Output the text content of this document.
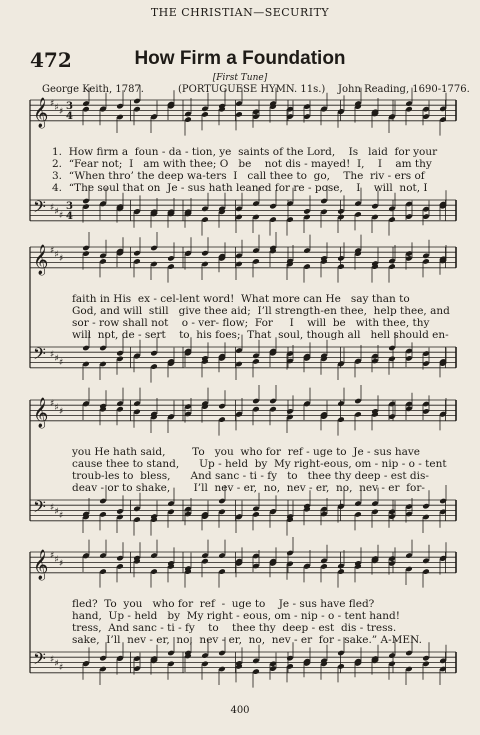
THE CHRISTIAN—SECURITY
472	How Firm a Foundation
[First Tune]
George Keith, 1787.	(PORTUGUESE HYMN. 11s.) John Reading, 1690-1776.
𝄞
𝄢
♯
♯
♯
♯
♯
♯
3
4
3
4
𝄞
𝄢
♯
♯
♯
♯
♯
♯
𝄞
𝄢
♯
♯
♯
♯
♯
♯
𝄞
𝄢
♯
♯
♯
♯
♯
♯
1.  How firm a  foun - da - tion, ye  saints of the Lord,    Is   laid  for your
2.  “Fear not;  I   am with thee; O   be    not dis - mayed!  I,    I    am thy
3.  “When thro’ the deep wa-ters  I   call thee to  go,    The  riv - ers of
4.  “The soul that on  Je - sus hath leaned for re - pose,    I    will  not, I
faith in His  ex - cel-lent word!  What more can He   say than to
God, and will  still   give thee aid;  I’ll strength-en thee,  help thee, and
sor - row shall not    o - ver- flow;  For     I    will  be   with thee, thy
will  not, de - sert    to  his foes;  That  soul, though all   hell should en-
you He hath said,        To   you  who for  ref - uge to  Je - sus have
cause thee to stand,      Up - held  by  My right-eous, om - nip - o - tent
troub-les to  bless,      And sanc - ti - fy   to   thee thy deep - est dis-
deav - or to shake,       I’ll  nev - er,  no,  nev - er,  no,  nev - er  for-
fled?  To  you   who for  ref  -  uge to    Je - sus have fled?
hand,  Up - held   by  My right - eous, om - nip - o - tent hand!
tress,  And sanc - ti - fy    to    thee thy  deep - est  dis - tress.
sake,  I’ll  nev - er,  no,  nev - er,  no,  nev - er  for - sake.” A-MEN.
400
